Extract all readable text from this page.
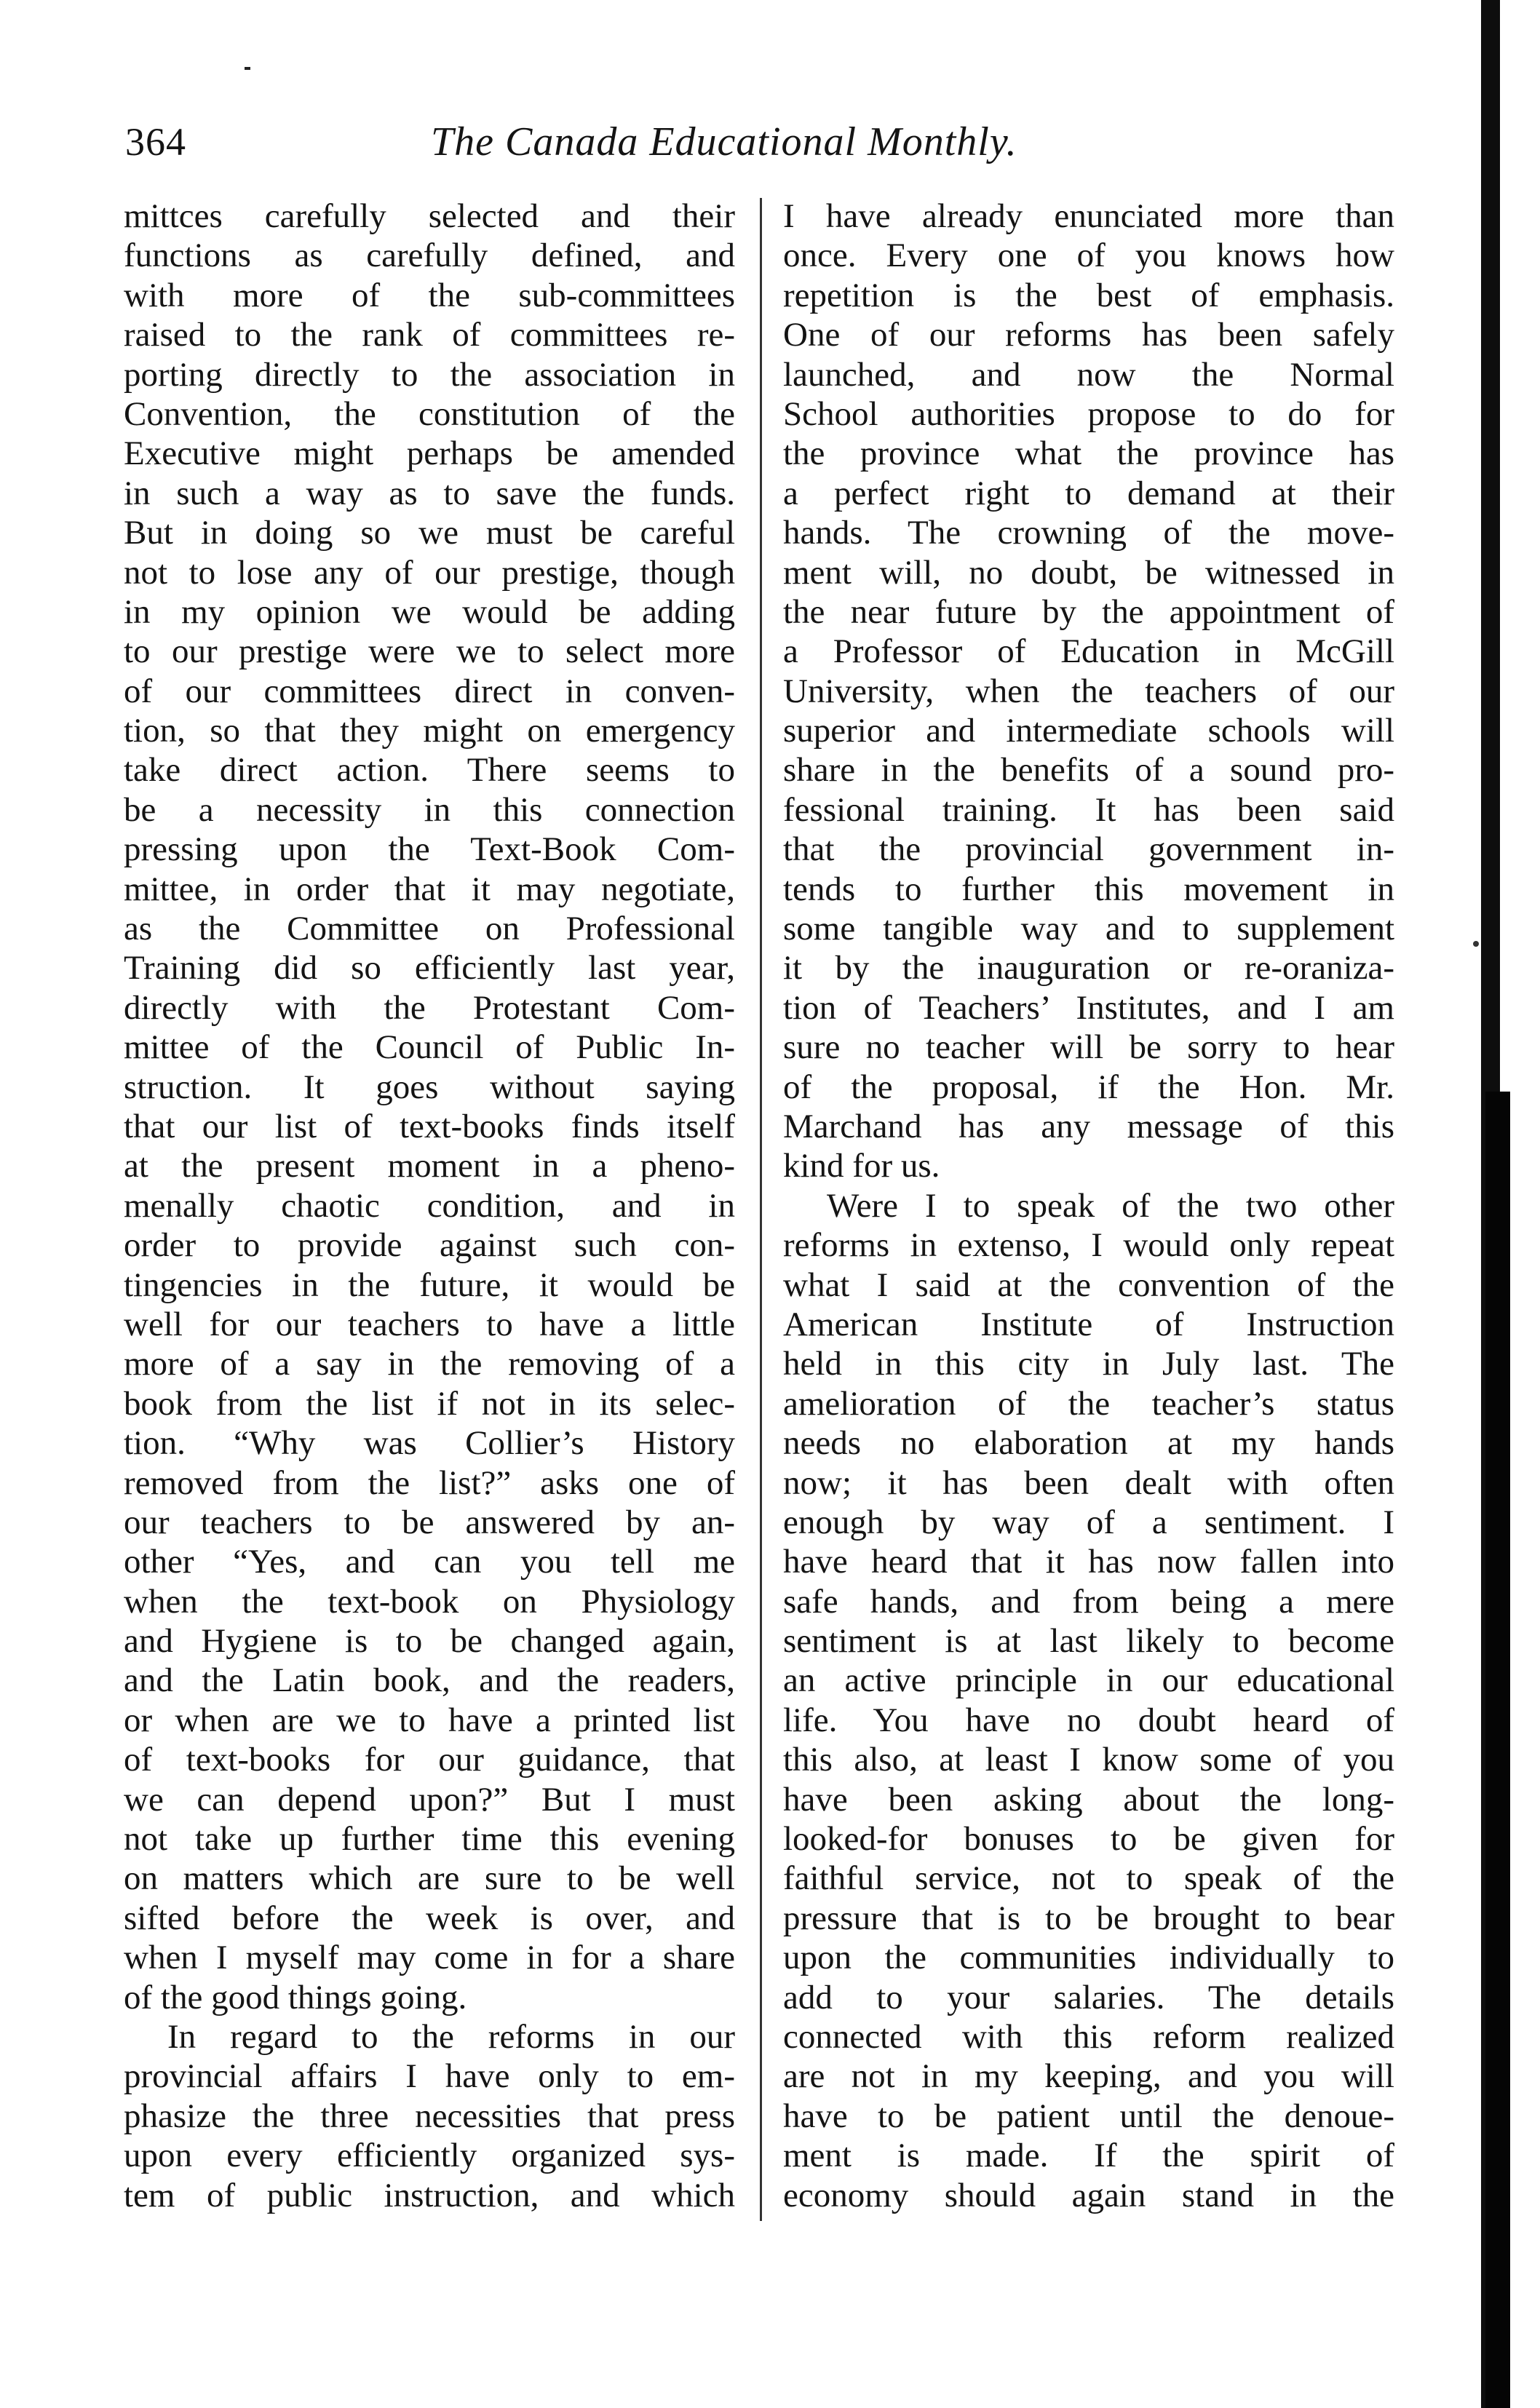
364	The Canada Educational Monthly.
mittces carefully selected and their
functions as carefully defined, and
with more of the sub-committees
raised to the rank of committees re-
porting directly to the association in
Convention, the constitution of the
Executive might perhaps be amended
in such a way as to save the funds.
But in doing so we must be careful
not to lose any of our prestige, though
in my opinion we would be adding
to our prestige were we to select more
of our committees direct in conven-
tion, so that they might on emergency
take direct action. There seems to
be a necessity in this connection
pressing upon the Text-Book Com-
mittee, in order that it may negotiate,
as the Committee on Professional
Training did so efficiently last year,
directly with the Protestant Com-
mittee of the Council of Public In-
struction. It goes without saying
that our list of text-books finds itself
at the present moment in a pheno-
menally chaotic condition, and in
order to provide against such con-
tingencies in the future, it would be
well for our teachers to have a little
more of a say in the removing of a
book from the list if not in its selec-
tion. “Why was Collier’s History
removed from the list?” asks one of
our teachers to be answered by an-
other “Yes, and can you tell me
when the text-book on Physiology
and Hygiene is to be changed again,
and the Latin book, and the readers,
or when are we to have a printed list
of text-books for our guidance, that
we can depend upon?” But I must
not take up further time this evening
on matters which are sure to be well
sifted before the week is over, and
when I myself may come in for a share
of the good things going.
In regard to the reforms in our
provincial affairs I have only to em-
phasize the three necessities that press
upon every efficiently organized sys-
tem of public instruction, and which
I have already enunciated more than
once. Every one of you knows how
repetition is the best of emphasis.
One of our reforms has been safely
launched, and now the Normal
School authorities propose to do for
the province what the province has
a perfect right to demand at their
hands. The crowning of the move-
ment will, no doubt, be witnessed in
the near future by the appointment of
a Professor of Education in McGill
University, when the teachers of our
superior and intermediate schools will
share in the benefits of a sound pro-
fessional training. It has been said
that the provincial government in-
tends to further this movement in
some tangible way and to supplement
it by the inauguration or re-oraniza-
tion of Teachers’ Institutes, and I am
sure no teacher will be sorry to hear
of the proposal, if the Hon. Mr.
Marchand has any message of this
kind for us.
Were I to speak of the two other
reforms in extenso, I would only repeat
what I said at the convention of the
American Institute of Instruction
held in this city in July last. The
amelioration of the teacher’s status
needs no elaboration at my hands
now; it has been dealt with often
enough by way of a sentiment. I
have heard that it has now fallen into
safe hands, and from being a mere
sentiment is at last likely to become
an active principle in our educational
life. You have no doubt heard of
this also, at least I know some of you
have been asking about the long-
looked-for bonuses to be given for
faithful service, not to speak of the
pressure that is to be brought to bear
upon the communities individually to
add to your salaries. The details
connected with this reform realized
are not in my keeping, and you will
have to be patient until the denoue-
ment is made. If the spirit of
economy should again stand in the
